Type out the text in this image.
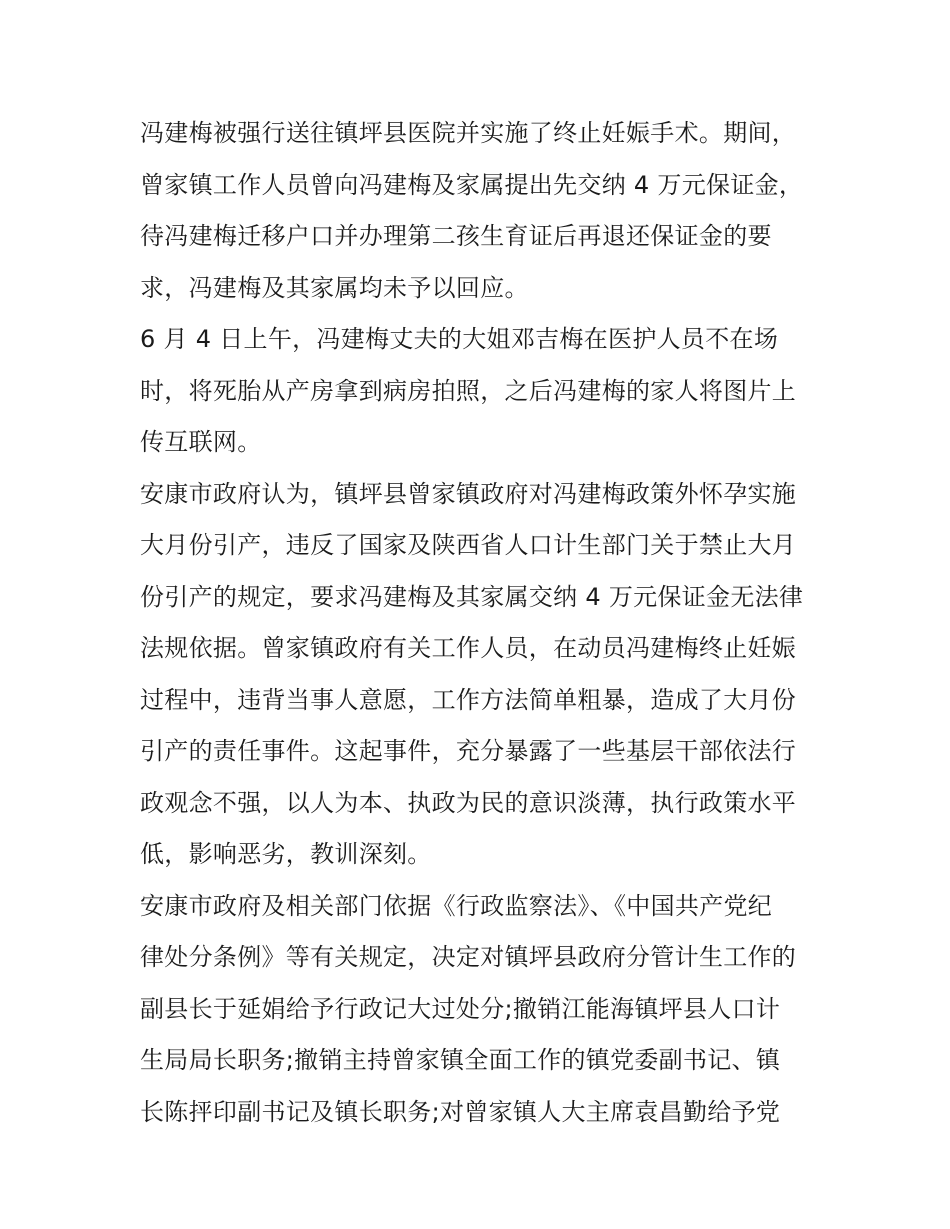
冯建梅被强行送往镇坪县医院并实施了终止妊娠手术。期间，
曾家镇工作人员曾向冯建梅及家属提出先交纳 4 万元保证金，
待冯建梅迁移户口并办理第二孩生育证后再退还保证金的要
求，冯建梅及其家属均未予以回应。
6 月 4 日上午，冯建梅丈夫的大姐邓吉梅在医护人员不在场
时，将死胎从产房拿到病房拍照，之后冯建梅的家人将图片上
传互联网。
安康市政府认为，镇坪县曾家镇政府对冯建梅政策外怀孕实施
大月份引产，违反了国家及陕西省人口计生部门关于禁止大月
份引产的规定，要求冯建梅及其家属交纳 4 万元保证金无法律
法规依据。曾家镇政府有关工作人员，在动员冯建梅终止妊娠
过程中，违背当事人意愿，工作方法简单粗暴，造成了大月份
引产的责任事件。这起事件，充分暴露了一些基层干部依法行
政观念不强，以人为本、执政为民的意识淡薄，执行政策水平
低，影响恶劣，教训深刻。
安康市政府及相关部门依据《行政监察法》、《中国共产党纪
律处分条例》等有关规定，决定对镇坪县政府分管计生工作的
副县长于延娟给予行政记大过处分;撤销江能海镇坪县人口计
生局局长职务;撤销主持曾家镇全面工作的镇党委副书记、镇
长陈抨印副书记及镇长职务;对曾家镇人大主席袁昌勤给予党
